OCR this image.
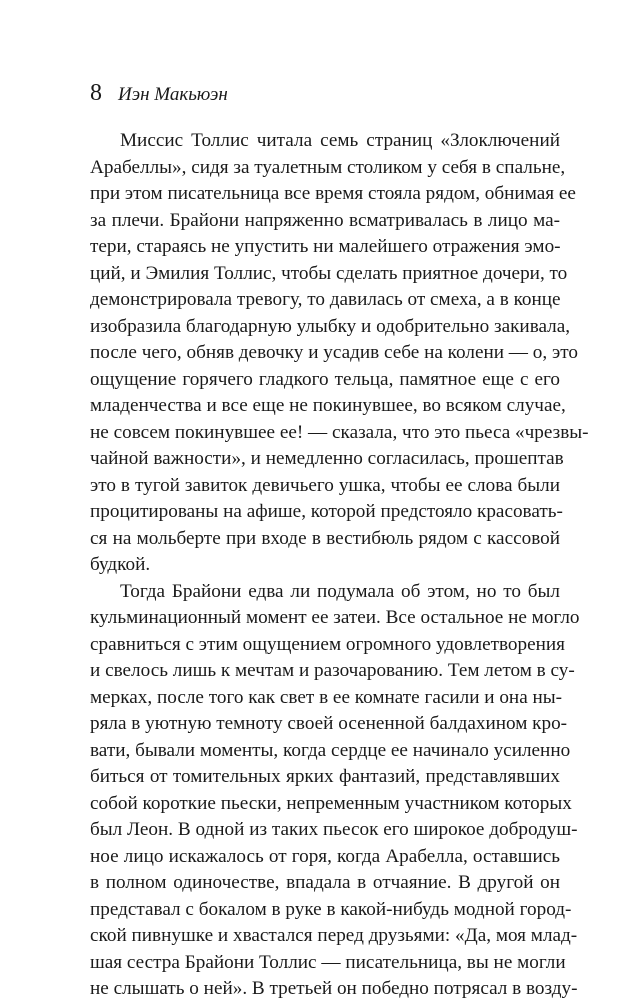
8 Иэн Макьюэн
Миссис Толлис читала семь страниц «Злоключений
Арабеллы», сидя за туалетным столиком у себя в спальне,
при этом писательница все время стояла рядом, обнимая ее
за плечи. Брайони напряженно всматривалась в лицо ма-
тери, стараясь не упустить ни малейшего отражения эмо-
ций, и Эмилия Толлис, чтобы сделать приятное дочери, то
демонстрировала тревогу, то давилась от смеха, а в конце
изобразила благодарную улыбку и одобрительно закивала,
после чего, обняв девочку и усадив себе на колени — о, это
ощущение горячего гладкого тельца, памятное еще с его
младенчества и все еще не покинувшее, во всяком случае,
не совсем покинувшее ее! — сказала, что это пьеса «чрезвы-
чайной важности», и немедленно согласилась, прошептав
это в тугой завиток девичьего ушка, чтобы ее слова были
процитированы на афише, которой предстояло красовать-
ся на мольберте при входе в вестибюль рядом с кассовой
будкой.
Тогда Брайони едва ли подумала об этом, но то был
кульминационный момент ее затеи. Все остальное не могло
сравниться с этим ощущением огромного удовлетворения
и свелось лишь к мечтам и разочарованию. Тем летом в су-
мерках, после того как свет в ее комнате гасили и она ны-
ряла в уютную темноту своей осененной балдахином кро-
вати, бывали моменты, когда сердце ее начинало усиленно
биться от томительных ярких фантазий, представлявших
собой короткие пьески, непременным участником которых
был Леон. В одной из таких пьесок его широкое добродуш-
ное лицо искажалось от горя, когда Арабелла, оставшись
в полном одиночестве, впадала в отчаяние. В другой он
представал с бокалом в руке в какой-нибудь модной город-
ской пивнушке и хвастался перед друзьями: «Да, моя млад-
шая сестра Брайони Толлис — писательница, вы не могли
не слышать о ней». В третьей он победно потрясал в возду-
